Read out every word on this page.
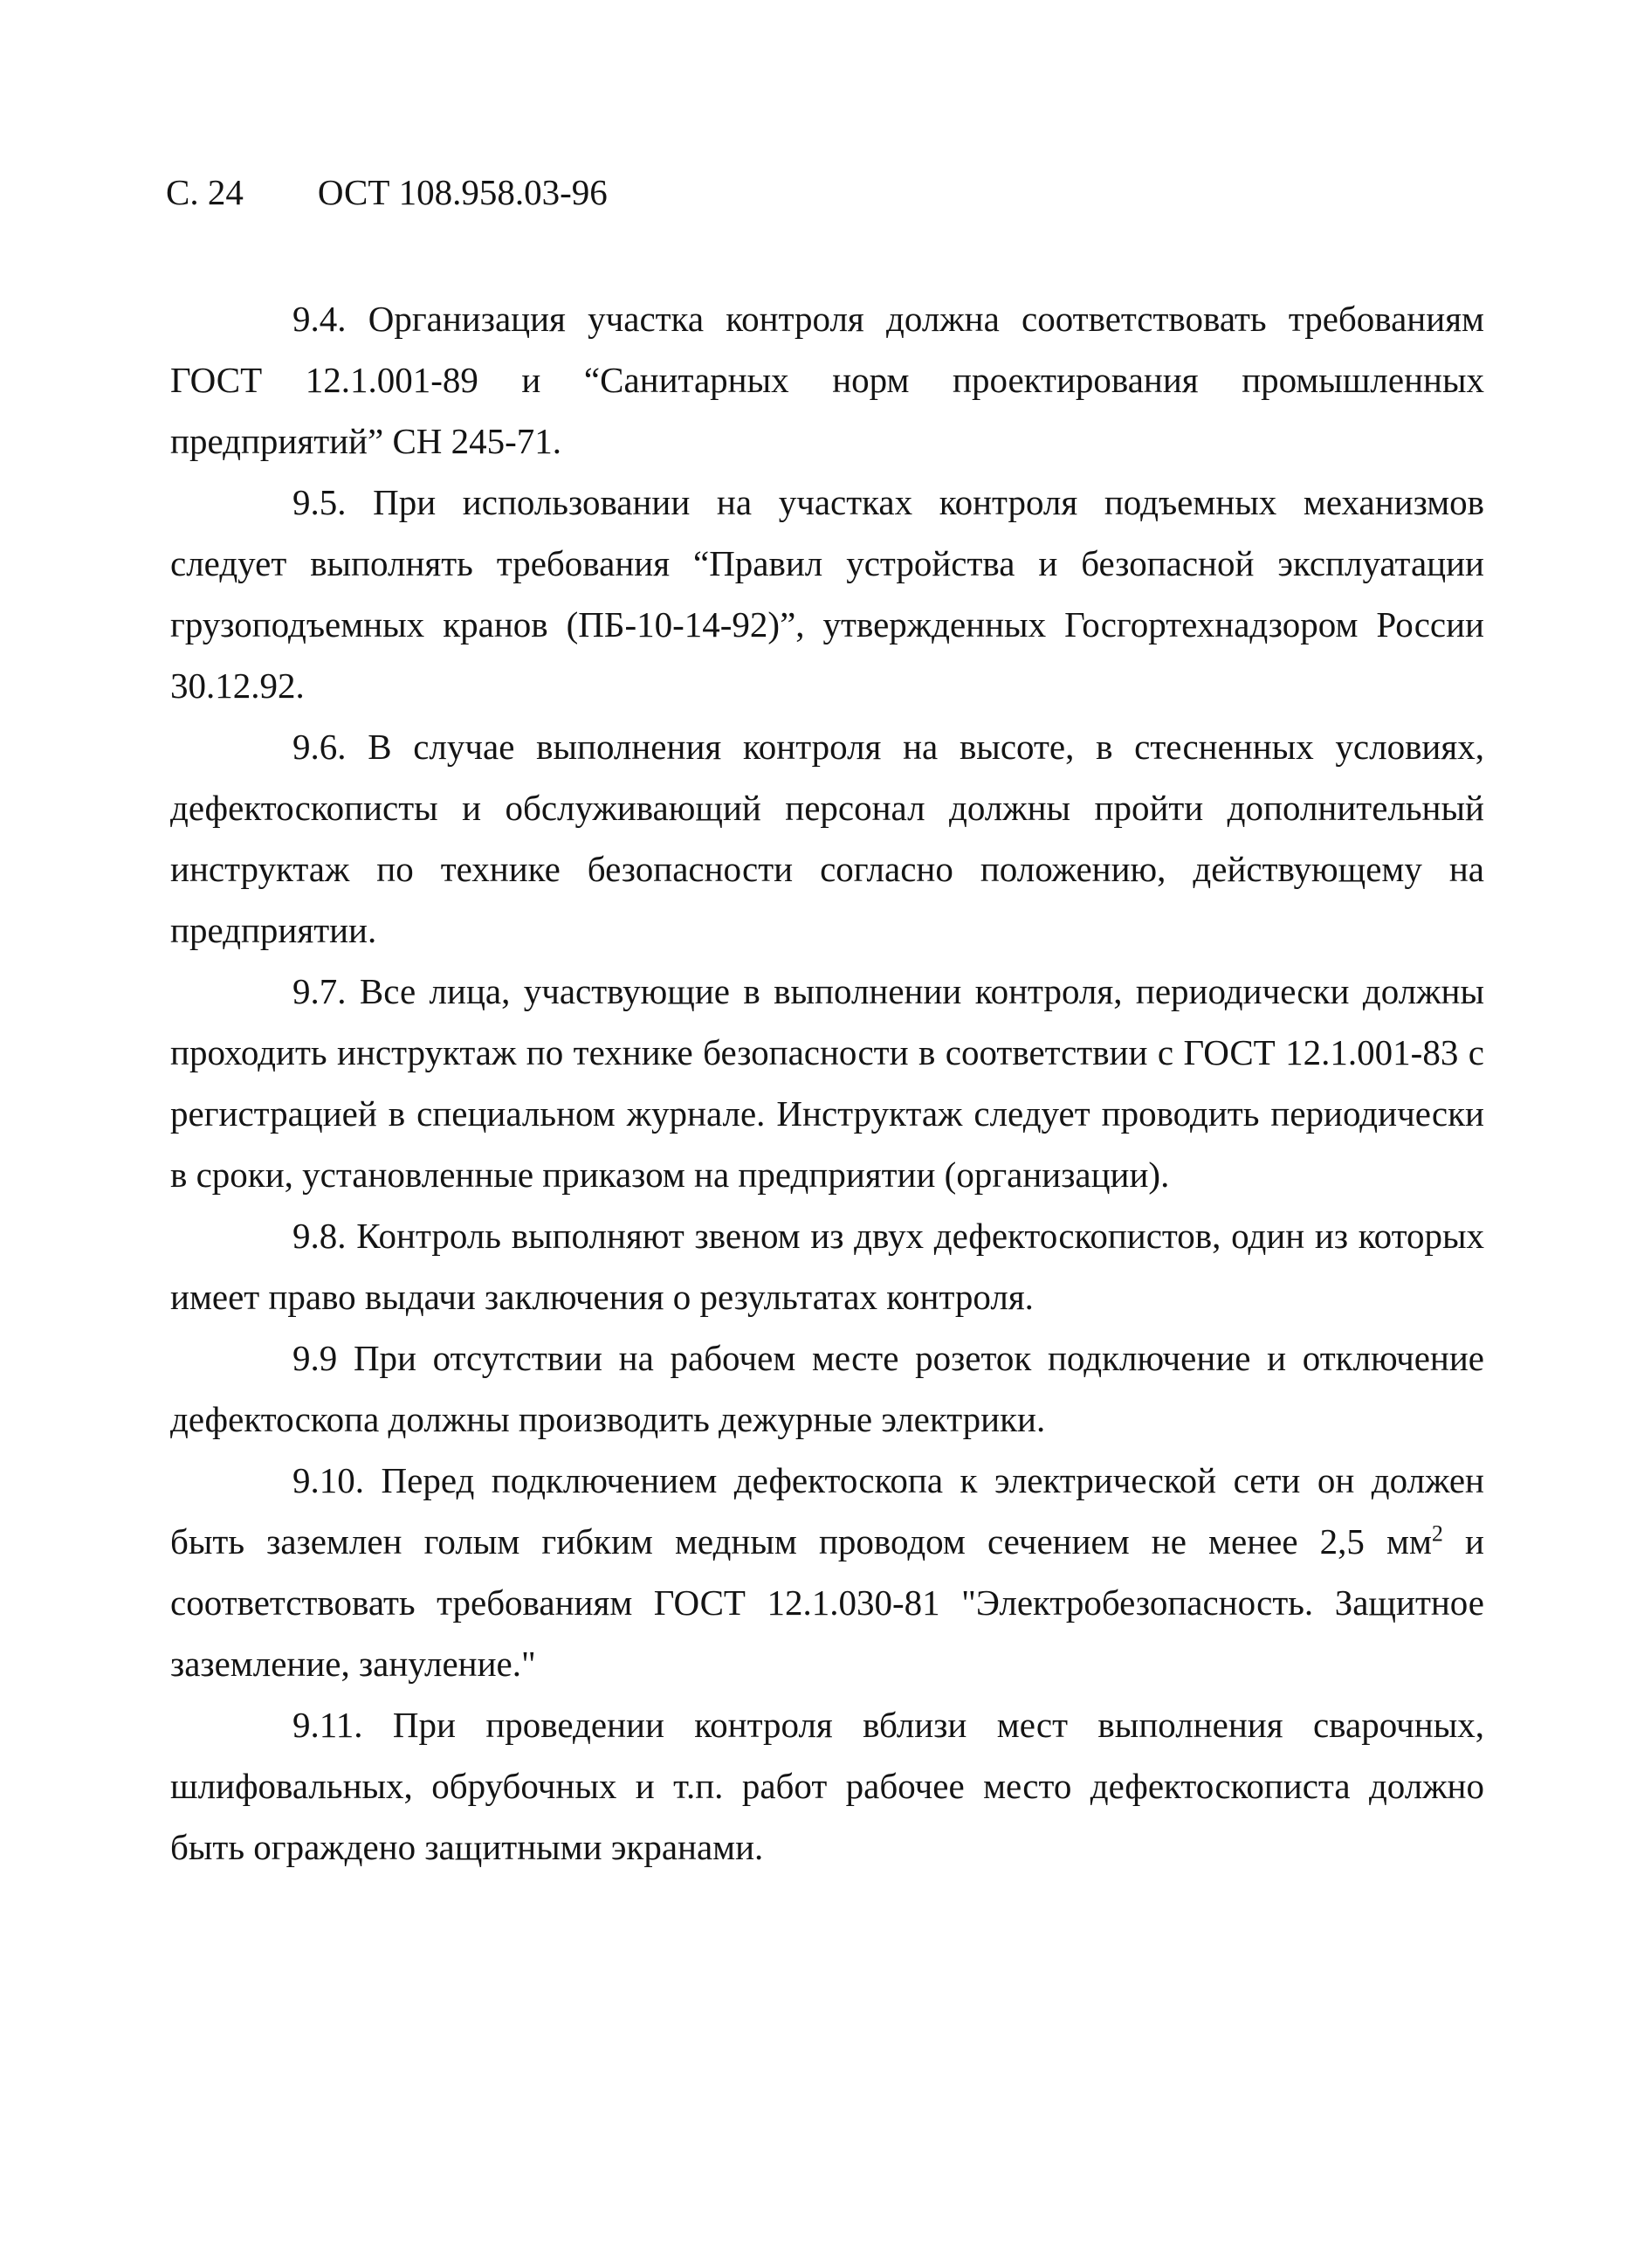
С. 24 ОСТ 108.958.03-96

9.4. Организация участка контроля должна соответствовать требованиям ГОСТ 12.1.001-89 и “Санитарных норм проектирования промышленных предприятий” СН 245-71.

9.5. При использовании на участках контроля подъемных механизмов следует выполнять требования “Правил устройства и безопасной эксплуатации грузоподъемных кранов (ПБ-10-14-92)”, утвержденных Госгортехнадзором России 30.12.92.

9.6. В случае выполнения контроля на высоте, в стесненных условиях, дефектоскописты и обслуживающий персонал должны пройти дополнительный инструктаж по технике безопасности согласно положению, действующему на предприятии.

9.7. Все лица, участвующие в выполнении контроля, периодически должны проходить инструктаж по технике безопасности в соответствии с ГОСТ 12.1.001-83 с регистрацией в специальном журнале. Инструктаж следует проводить периодически в сроки, установленные приказом на предприятии (организации).

9.8. Контроль выполняют звеном из двух дефектоскопистов, один из которых имеет право выдачи заключения о результатах контроля.

9.9 При отсутствии на рабочем месте розеток подключение и отключение дефектоскопа должны производить дежурные электрики.

9.10. Перед подключением дефектоскопа к электрической сети он должен быть заземлен голым гибким медным проводом сечением не менее 2,5 $мм^2$ и соответствовать требованиям ГОСТ 12.1.030-81 "Электробезопасность. Защитное заземление, зануление."

9.11. При проведении контроля вблизи мест выполнения сварочных, шлифовальных, обрубочных и т.п. работ рабочее место дефектоскописта должно быть ограждено защитными экранами.
